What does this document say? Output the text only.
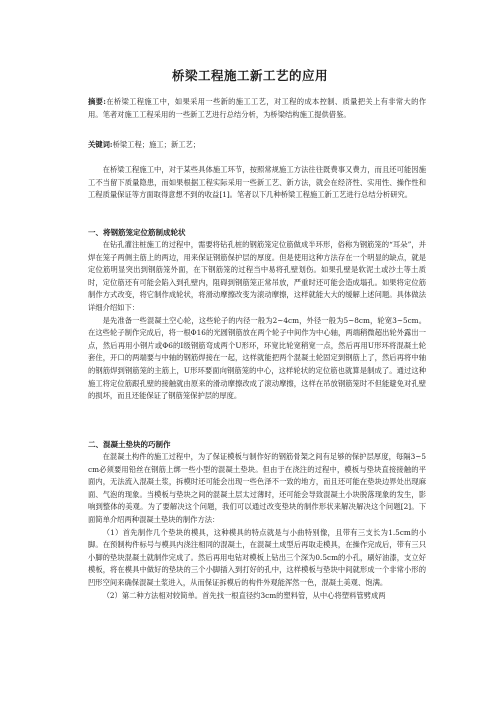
桥梁工程施工新工艺的应用
摘要:在桥梁工程施工中，如果采用一些新的施工工艺，对工程的成本控制、质量把关上有非常大的作用。笔者对施工工程采用的一些新工艺进行总结分析，为桥梁结构施工提供借鉴。
关键词:桥梁工程；施工；新工艺；
在桥梁工程施工中，对于某些具体施工环节，按照常规施工方法往往既费事又费力，而且还可能因施工不当留下质量隐患，而如果根据工程实际采用一些新工艺、新方法，就会在经济性、实用性、操作性和工程质量保证等方面取得意想不到的收益[1]。笔者以下几种桥梁工程施工新工艺进行总结分析研究。
一、将钢筋笼定位筋制成轮状

在钻孔灌注桩施工的过程中，需要将钻孔桩的钢筋笼定位筋做成半环形，俗称为钢筋笼的“耳朵”，并焊在笼子两侧主筋上的两边，用来保证钢筋保护层的厚度。但是使用这种方法存在一个明显的缺点，就是定位筋明显突出到钢筋笼外面，在下钢筋笼的过程当中易将孔壁划伤。如果孔壁是软泥土或沙土等土质时，定位筋还有可能会陷入到孔壁内，阻碍到钢筋笼正常吊放，严重时还可能会造成塌孔。如果将定位筋制作方式改变，将它制作成轮状，将滑动摩擦改变为滚动摩擦，这样就能大大的缓解上述问题。具体做法详细介绍如下：

是先准备一些混凝土空心轮，这些轮子的内径一般为2~4cm，外径一般为5~8cm，轮宽3~5cm。在这些轮子制作完成后，将一根Φ16的光圆钢筋放在两个轮子中间作为中心轴，两端稍微超出轮外露出一点，然后再用小钢片或Φ6的Ⅰ级钢筋弯成两个U形环，环宽比轮宽稍宽一点，然后再用U形环将混凝土轮套住，开口的两端要与中轴的钢筋焊接在一起，这样就能把两个混凝土轮固定到钢筋上了，然后再将中轴的钢筋焊到钢筋笼的主筋上，U形环要面向钢筋笼的中心，这样轮状的定位筋也就算是制成了。通过这种施工将定位筋跟孔壁的接触就由原来的滑动摩擦改成了滚动摩擦，这样在吊放钢筋笼时不但能避免对孔壁的损坏，而且还能保证了钢筋笼保护层的厚度。

二、混凝土垫块的巧制作

在混凝土构件的施工过程中，为了保证模板与制作好的钢筋骨架之间有足够的保护层厚度，每隔3~5cm必须要用铅丝在钢筋上绑一些小型的混凝土垫块。但由于在浇注的过程中，模板与垫块直接接触的平面内，无法流入混凝土浆，拆模时还可能会出现一些色泽不一致的地方，而且还可能在垫块边界处出现麻面、气泡的现象。当模板与垫块之间的混凝土层太过薄时，还可能会导致混凝土小块脱落现象的发生，影响到整体的美观。为了要解决这个问题，我们可以通过改变垫块的制作形状来解决解决这个问题[2]。下面简单介绍两种混凝土垫块的制作方法：

（1）首先制作几个垫块的模具，这种模具的特点就是与小曲特别像，且带有三支长为1.5cm的小脚。在预制构件标号与模具内浇注相同的混凝土，在混凝土成型后再取走模具，在操作完成后，带有三只小脚的垫块混凝土就制作完成了。然后再用电钻对模板上钻出三个深为0.5cm的小孔，刷好油漆，支立好模板，将在模具中做好的垫块的三个小脚插入到打好的孔中，这样模板与垫块中间就形成一个非常小形的凹形空间来确保混凝土浆进入，从而保证拆模后的构件外观能浑然一色，混凝土美观、饱满。

（2）第二种方法相对较简单。首先找一根直径约3cm的塑料管，从中心将塑料管劈成两
